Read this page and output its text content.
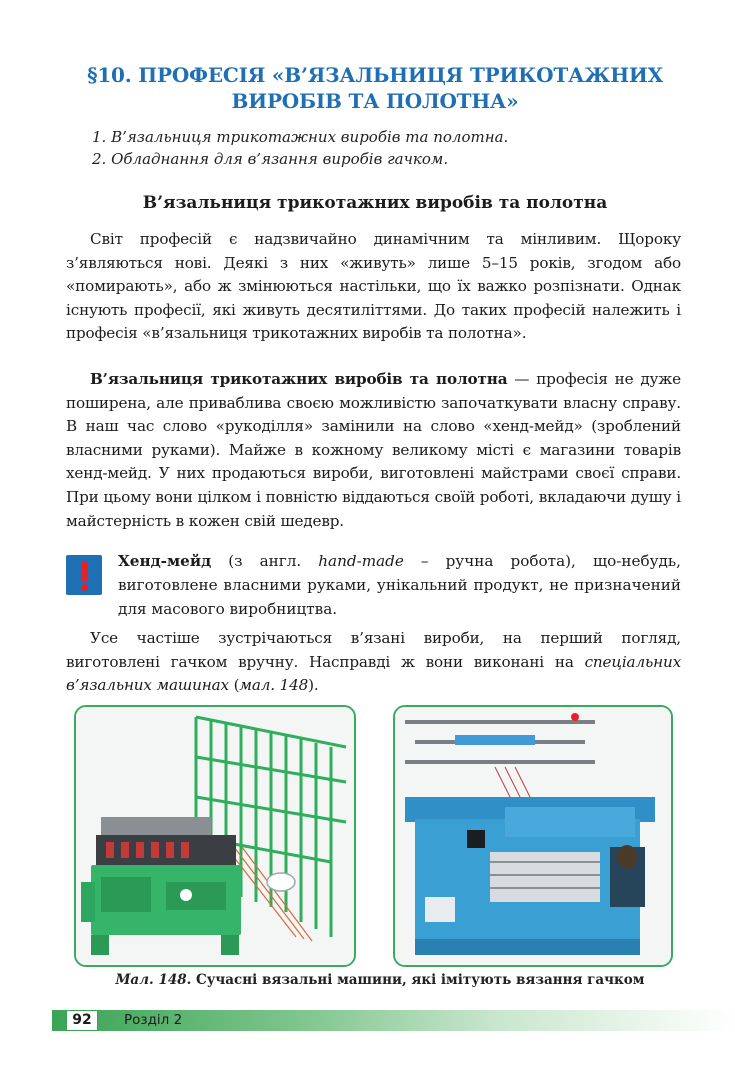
§10. ПРОФЕСІЯ «В’ЯЗАЛЬНИЦЯ ТРИКОТАЖНИХ
ВИРОБІВ ТА ПОЛОТНА»
1. В’язальниця трикотажних виробів та полотна.
2. Обладнання для в’язання виробів гачком.
В’язальниця трикотажних виробів та полотна

Світ професій є надзвичайно динамічним та мінливим. Щороку з’являються нові. Деякі з них «живуть» лише 5–15 років, згодом або «помирають», або ж змінюються настільки, що їх важко розпізнати. Однак існують професії, які живуть десятиліттями. До таких професій належить і професія «в’язальниця трикотажних виробів та полотна».

В’язальниця трикотажних виробів та полотна — професія не дуже поширена, але приваблива своєю можливістю започаткувати власну справу. В наш час слово «рукоділля» замінили на слово «хенд-мейд» (зроблений власними руками). Майже в кожному великому місті є магазини товарів хенд-мейд. У них продаються вироби, виготовлені майстрами своєї справи. При цьому вони цілком і повністю віддаються своїй роботі, вкладаючи душу і майстерність в кожен свій шедевр.

Хенд-мейд (з англ. hand-made – ручна робота), що-небудь, виготовлене власними руками, унікальний продукт, не призначений для масового виробництва.

Усе частіше зустрічаються в’язані вироби, на перший погляд, виготовлені гачком вручну. Насправді ж вони виконані на спеціальних в’язальних машинах (мал. 148).

Мал. 148. Сучасні вязальні машини, які імітують вязання гачком
92	Розділ 2
